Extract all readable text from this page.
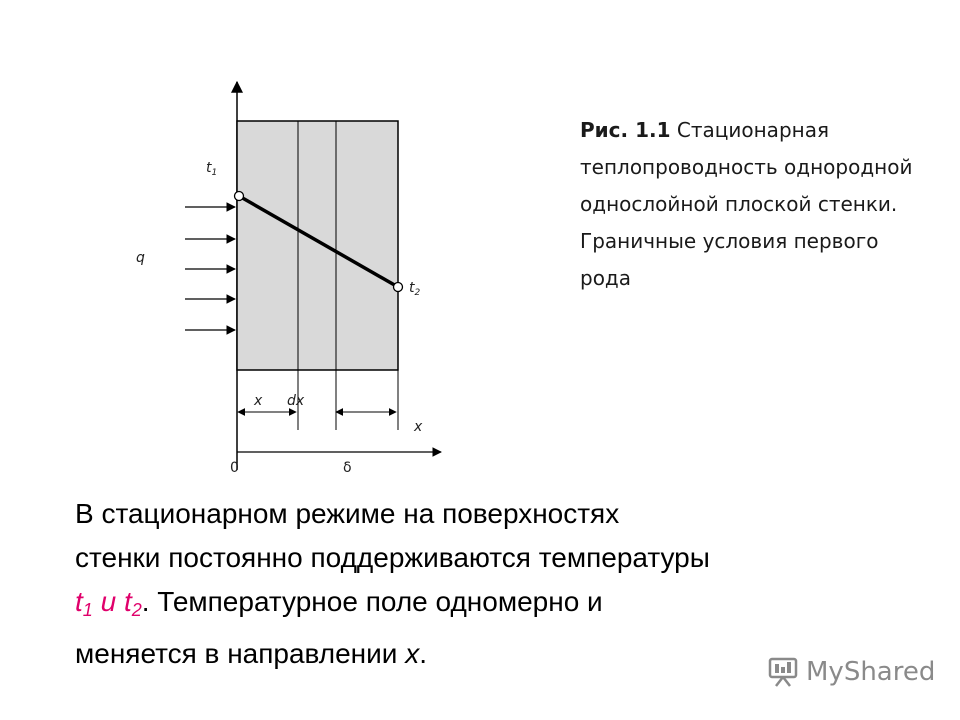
$t_1$
$t_2$
q
x dx
x
0	δ
Рис. 1.1 Стационарная теплопроводность однородной однослойной плоской стенки. Граничные условия первого рода
В стационарном режиме на поверхностях
стенки постоянно поддерживаются температуры
$t_1$ и $t_2$. Температурное поле одномерно и
меняется в направлении x.
MyShared
